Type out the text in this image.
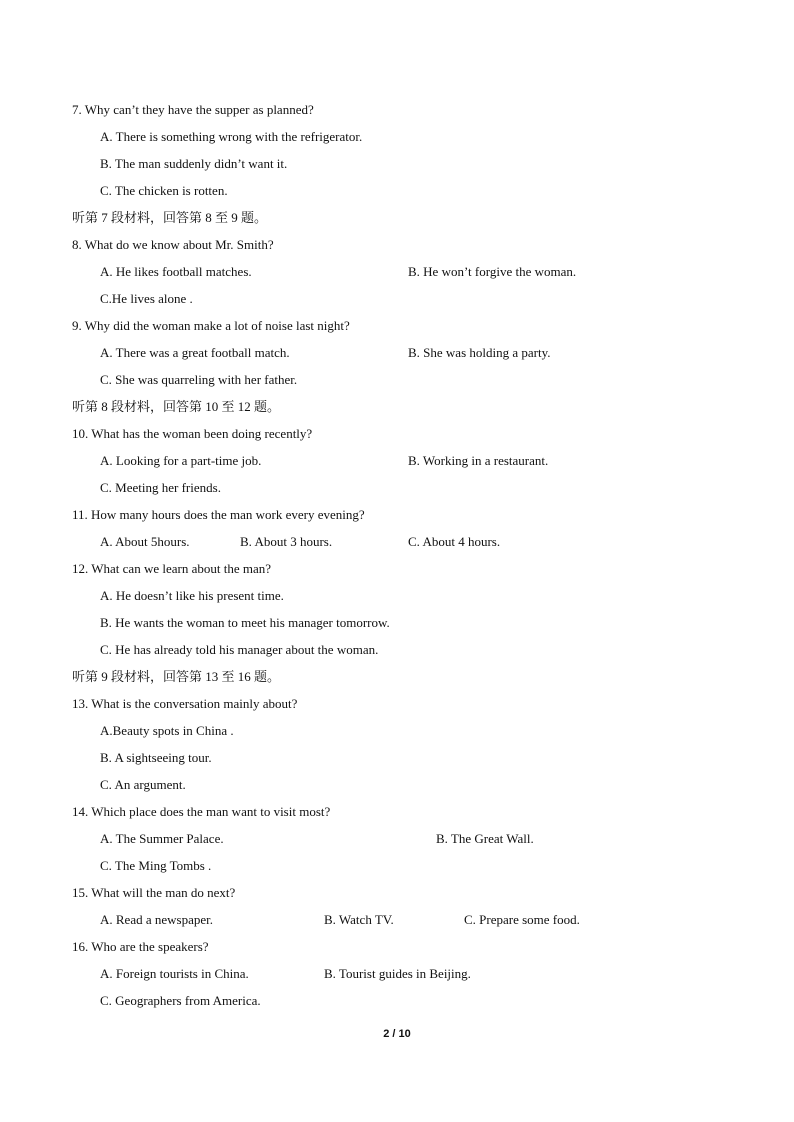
7. Why can’t they have the supper as planned?
A. There is something wrong with the refrigerator.
B. The man suddenly didn’t want it.
C. The chicken is rotten.
听第 7 段材料，回答第 8 至 9 题。
8. What do we know about Mr. Smith?
A. He likes football matches.	B. He won’t forgive the woman.
C.He lives alone .
9. Why did the woman make a lot of noise last night?
A. There was a great football match.	B. She was holding a party.
C. She was quarreling with her father.
听第 8 段材料，回答第 10 至 12 题。
10. What has the woman been doing recently?
A. Looking for a part-time job.	B. Working in a restaurant.
C. Meeting her friends.
11. How many hours does the man work every evening?
A. About 5hours.	B. About 3 hours.	C. About 4 hours.
12. What can we learn about the man?
A. He doesn’t like his present time.
B. He wants the woman to meet his manager tomorrow.
C. He has already told his manager about the woman.
听第 9 段材料，回答第 13 至 16 题。
13. What is the conversation mainly about?
A.Beauty spots in China .
B. A sightseeing tour.
C. An argument.
14. Which place does the man want to visit most?
A. The Summer Palace.	B. The Great Wall.
C. The Ming Tombs .
15. What will the man do next?
A. Read a newspaper.	B. Watch TV.	C. Prepare some food.
16. Who are the speakers?
A. Foreign tourists in China.	B. Tourist guides in Beijing.
C. Geographers from America.
2 / 10
